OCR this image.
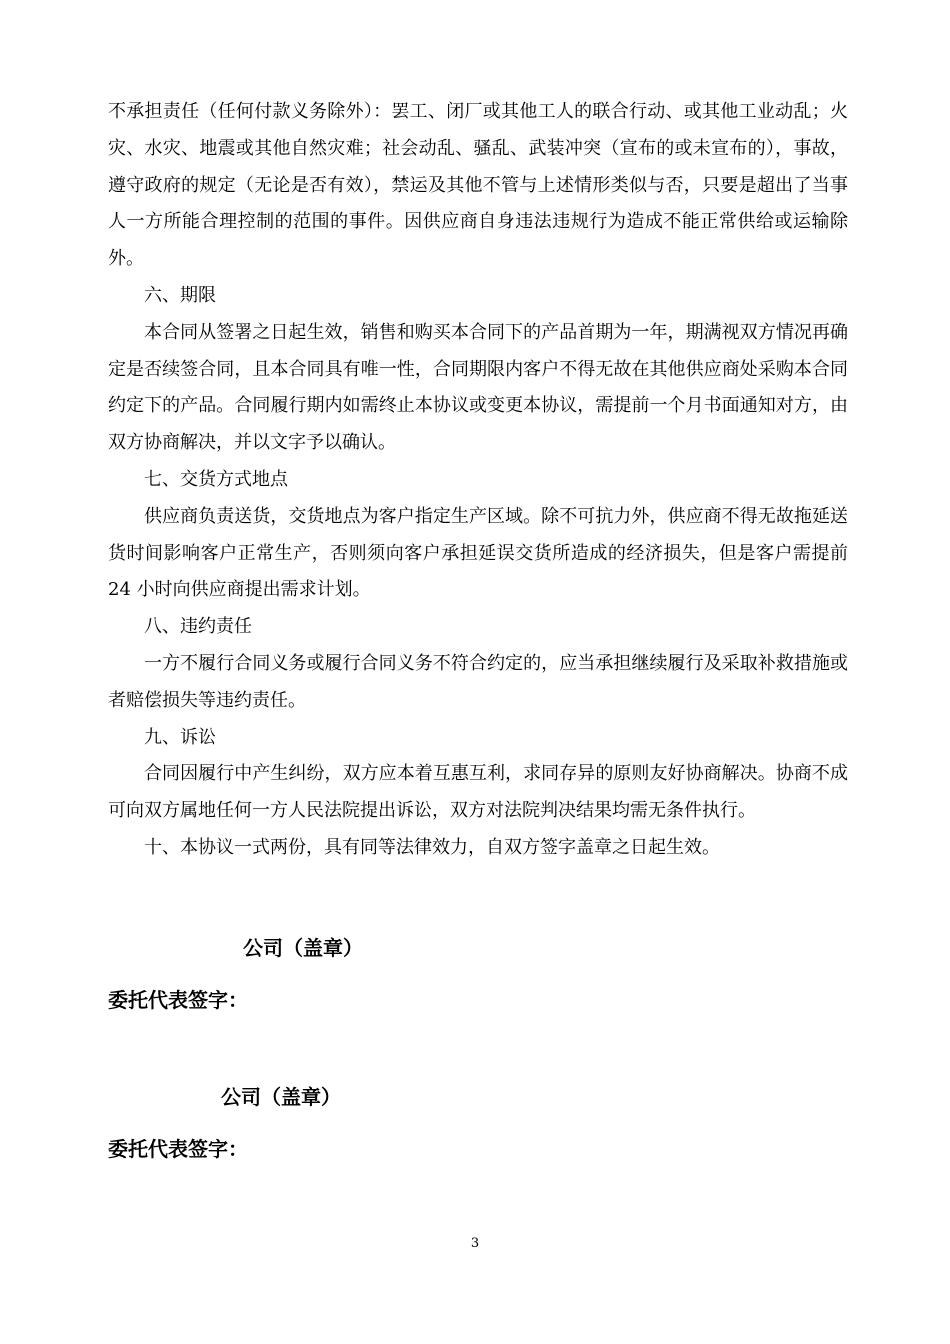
不承担责任（任何付款义务除外）：罢工、闭厂或其他工人的联合行动、或其他工业动乱；火灾、水灾、地震或其他自然灾难；社会动乱、骚乱、武装冲突（宣布的或未宣布的），事故，遵守政府的规定（无论是否有效），禁运及其他不管与上述情形类似与否，只要是超出了当事人一方所能合理控制的范围的事件。因供应商自身违法违规行为造成不能正常供给或运输除外。

六、期限

本合同从签署之日起生效，销售和购买本合同下的产品首期为一年，期满视双方情况再确定是否续签合同，且本合同具有唯一性，合同期限内客户不得无故在其他供应商处采购本合同约定下的产品。合同履行期内如需终止本协议或变更本协议，需提前一个月书面通知对方，由双方协商解决，并以文字予以确认。

七、交货方式地点

供应商负责送货，交货地点为客户指定生产区域。除不可抗力外，供应商不得无故拖延送货时间影响客户正常生产，否则须向客户承担延误交货所造成的经济损失，但是客户需提前 24 小时向供应商提出需求计划。

八、违约责任

一方不履行合同义务或履行合同义务不符合约定的，应当承担继续履行及采取补救措施或者赔偿损失等违约责任。

九、诉讼

合同因履行中产生纠纷，双方应本着互惠互利，求同存异的原则友好协商解决。协商不成可向双方属地任何一方人民法院提出诉讼，双方对法院判决结果均需无条件执行。

十、本协议一式两份，具有同等法律效力，自双方签字盖章之日起生效。

公司（盖章）
委托代表签字：
公司（盖章）
委托代表签字：
3
